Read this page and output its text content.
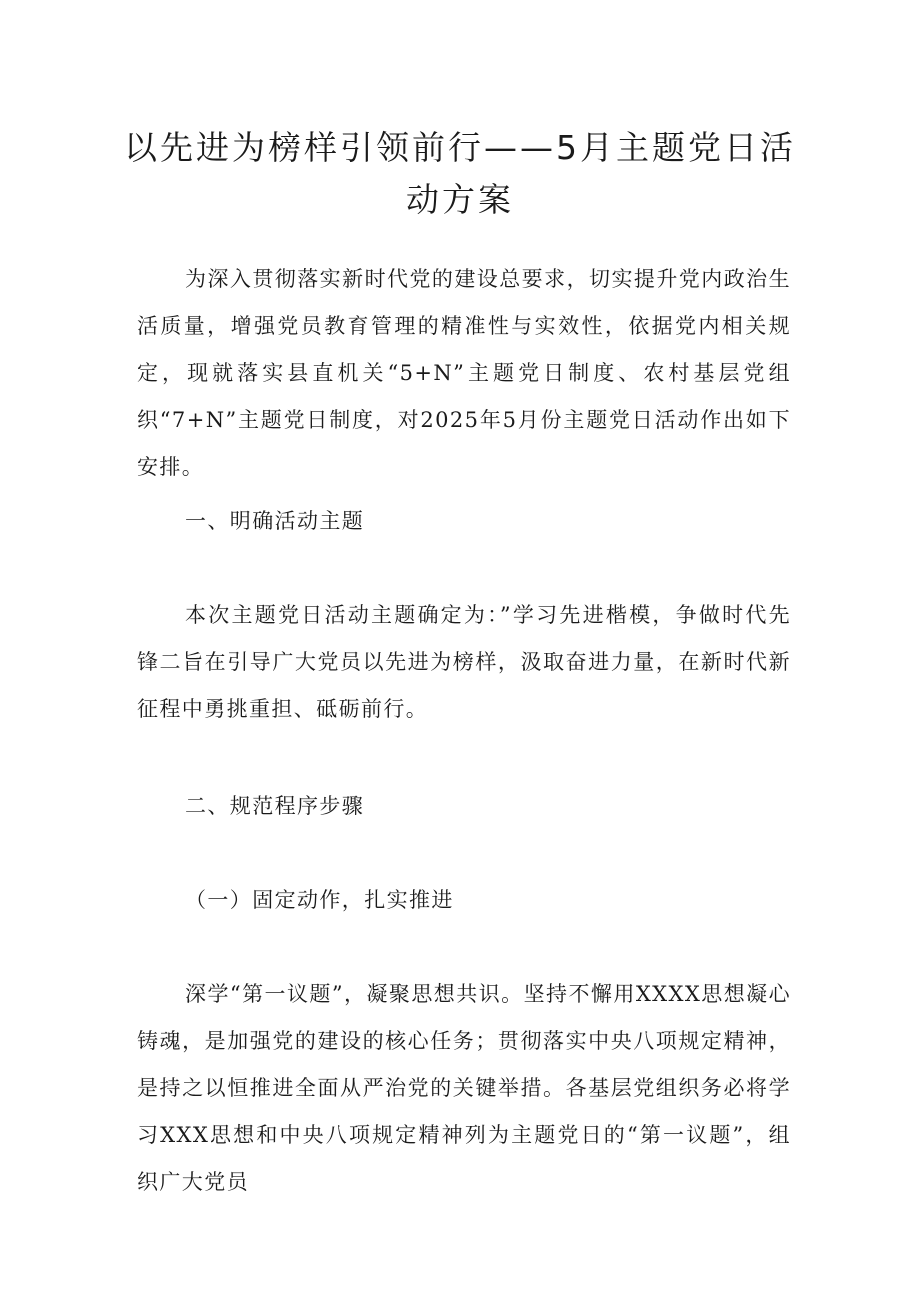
以先进为榜样引领前行——5月主题党日活动方案

为深入贯彻落实新时代党的建设总要求，切实提升党内政治生活质量，增强党员教育管理的精准性与实效性，依据党内相关规定，现就落实县直机关“5+N”主题党日制度、农村基层党组织“7+N”主题党日制度，对2025年5月份主题党日活动作出如下安排。

一、明确活动主题

本次主题党日活动主题确定为：”学习先进楷模，争做时代先锋二旨在引导广大党员以先进为榜样，汲取奋进力量，在新时代新征程中勇挑重担、砥砺前行。

二、规范程序步骤
（一）固定动作，扎实推进

深学“第一议题”，凝聚思想共识。坚持不懈用XXXX思想凝心铸魂，是加强党的建设的核心任务；贯彻落实中央八项规定精神，是持之以恒推进全面从严治党的关键举措。各基层党组织务必将学习XXX思想和中央八项规定精神列为主题党日的“第一议题”，组织广大党员
